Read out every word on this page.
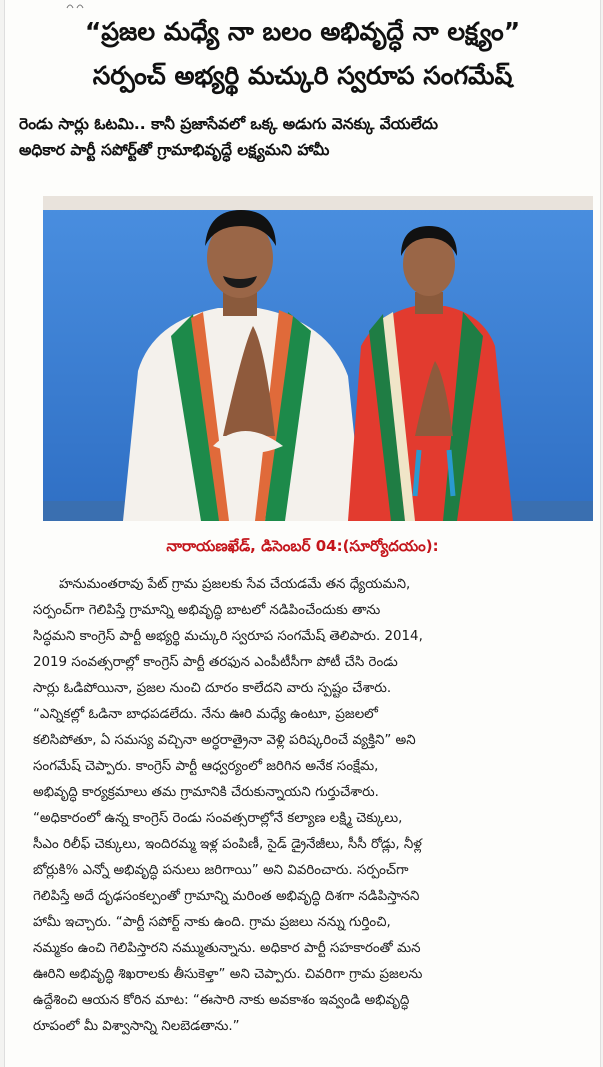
“ప్రజల మధ్యే నా బలం అభివృద్ధే నా లక్ష్యం”
సర్పంచ్ అభ్యర్థి మచ్కురి స్వరూప సంగమేష్
రెండు సార్లు ఓటమి.. కానీ ప్రజాసేవలో ఒక్క అడుగు వెనక్కు వేయలేదు
అధికార పార్టీ సపోర్ట్‌తో గ్రామాభివృద్ధే లక్ష్యమని హామీ
నారాయణఖేడ్, డిసెంబర్ 04:(సూర్యోదయం):

హనుమంతరావు పేట్ గ్రామ ప్రజలకు సేవ చేయడమే తన ధ్యేయమని,

సర్పంచ్‌గా గెలిపిస్తే గ్రామాన్ని అభివృద్ధి బాటలో నడిపించేందుకు తాను

సిద్ధమని కాంగ్రెస్ పార్టీ అభ్యర్థి మచ్కురి స్వరూప సంగమేష్ తెలిపారు. 2014,

2019 సంవత్సరాల్లో కాంగ్రెస్ పార్టీ తరఫున ఎంపీటీసీగా పోటీ చేసి రెండు

సార్లు ఓడిపోయినా, ప్రజల నుంచి దూరం కాలేదని వారు స్పష్టం చేశారు.

“ఎన్నికల్లో ఓడినా బాధపడలేదు. నేను ఊరి మధ్యే ఉంటూ, ప్రజలలో

కలిసిపోతూ, ఏ సమస్య వచ్చినా అర్ధరాత్రైనా వెళ్లి పరిష్కరించే వ్యక్తిని” అని

సంగమేష్ చెప్పారు. కాంగ్రెస్ పార్టీ ఆధ్వర్యంలో జరిగిన అనేక సంక్షేమ,

అభివృద్ధి కార్యక్రమాలు తమ గ్రామానికి చేరుకున్నాయని గుర్తుచేశారు.

“అధికారంలో ఉన్న కాంగ్రెస్ రెండు సంవత్సరాల్లోనే కల్యాణ లక్ష్మి చెక్కులు,

సీఎం రిలీఫ్ చెక్కులు, ఇందిరమ్మ ఇళ్ల పంపిణీ, సైడ్ డ్రైనేజీలు, సీసీ రోడ్లు, నీళ్ల

బోర్లుకి% ఎన్నో అభివృద్ధి పనులు జరిగాయి” అని వివరించారు. సర్పంచ్‌గా

గెలిపిస్తే అదే దృఢసంకల్పంతో గ్రామాన్ని మరింత అభివృద్ధి దిశగా నడిపిస్తానని

హామీ ఇచ్చారు. “పార్టీ సపోర్ట్ నాకు ఉంది. గ్రామ ప్రజలు నన్ను గుర్తించి,

నమ్మకం ఉంచి గెలిపిస్తారని నమ్ముతున్నాను. అధికార పార్టీ సహకారంతో మన

ఊరిని అభివృద్ధి శిఖరాలకు తీసుకెళ్తా” అని చెప్పారు. చివరిగా గ్రామ ప్రజలను

ఉద్దేశించి ఆయన కోరిన మాట: “ఈసారి నాకు అవకాశం ఇవ్వండి అభివృద్ధి

రూపంలో మీ విశ్వాసాన్ని నిలబెడతాను.”
